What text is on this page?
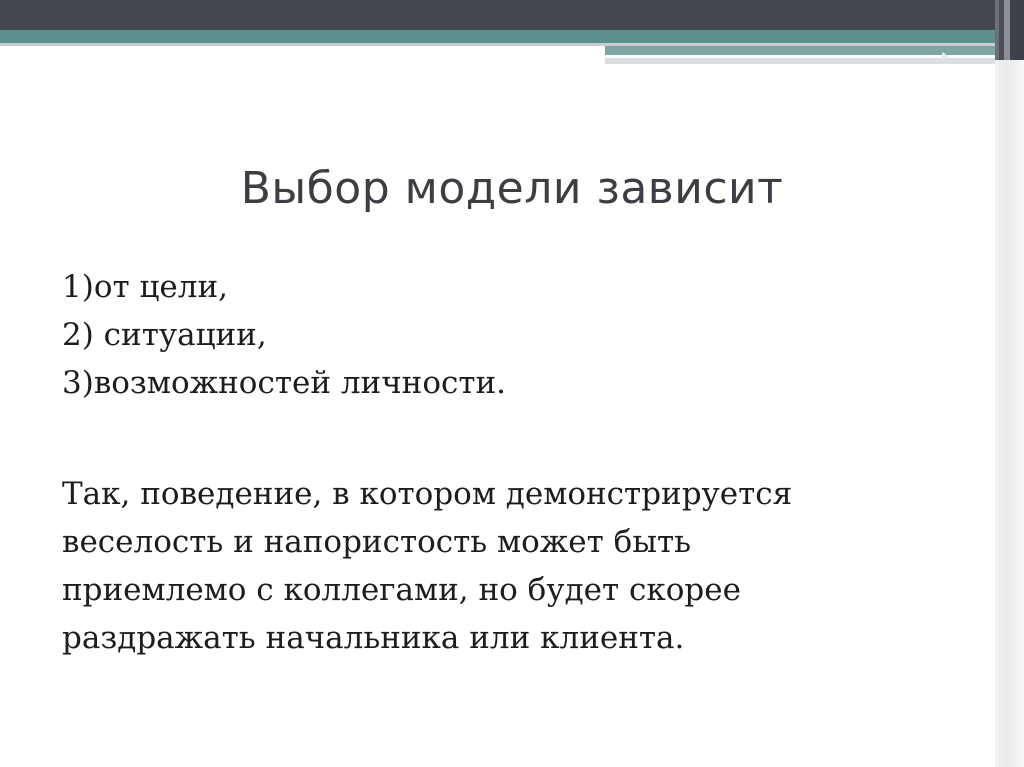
Выбор модели зависит
1)от цели,
2) ситуации,
3)возможностей личности.

Так, поведение, в котором демонстрируется
веселость и напористость может быть
приемлемо с коллегами, но будет скорее
раздражать начальника или клиента.
